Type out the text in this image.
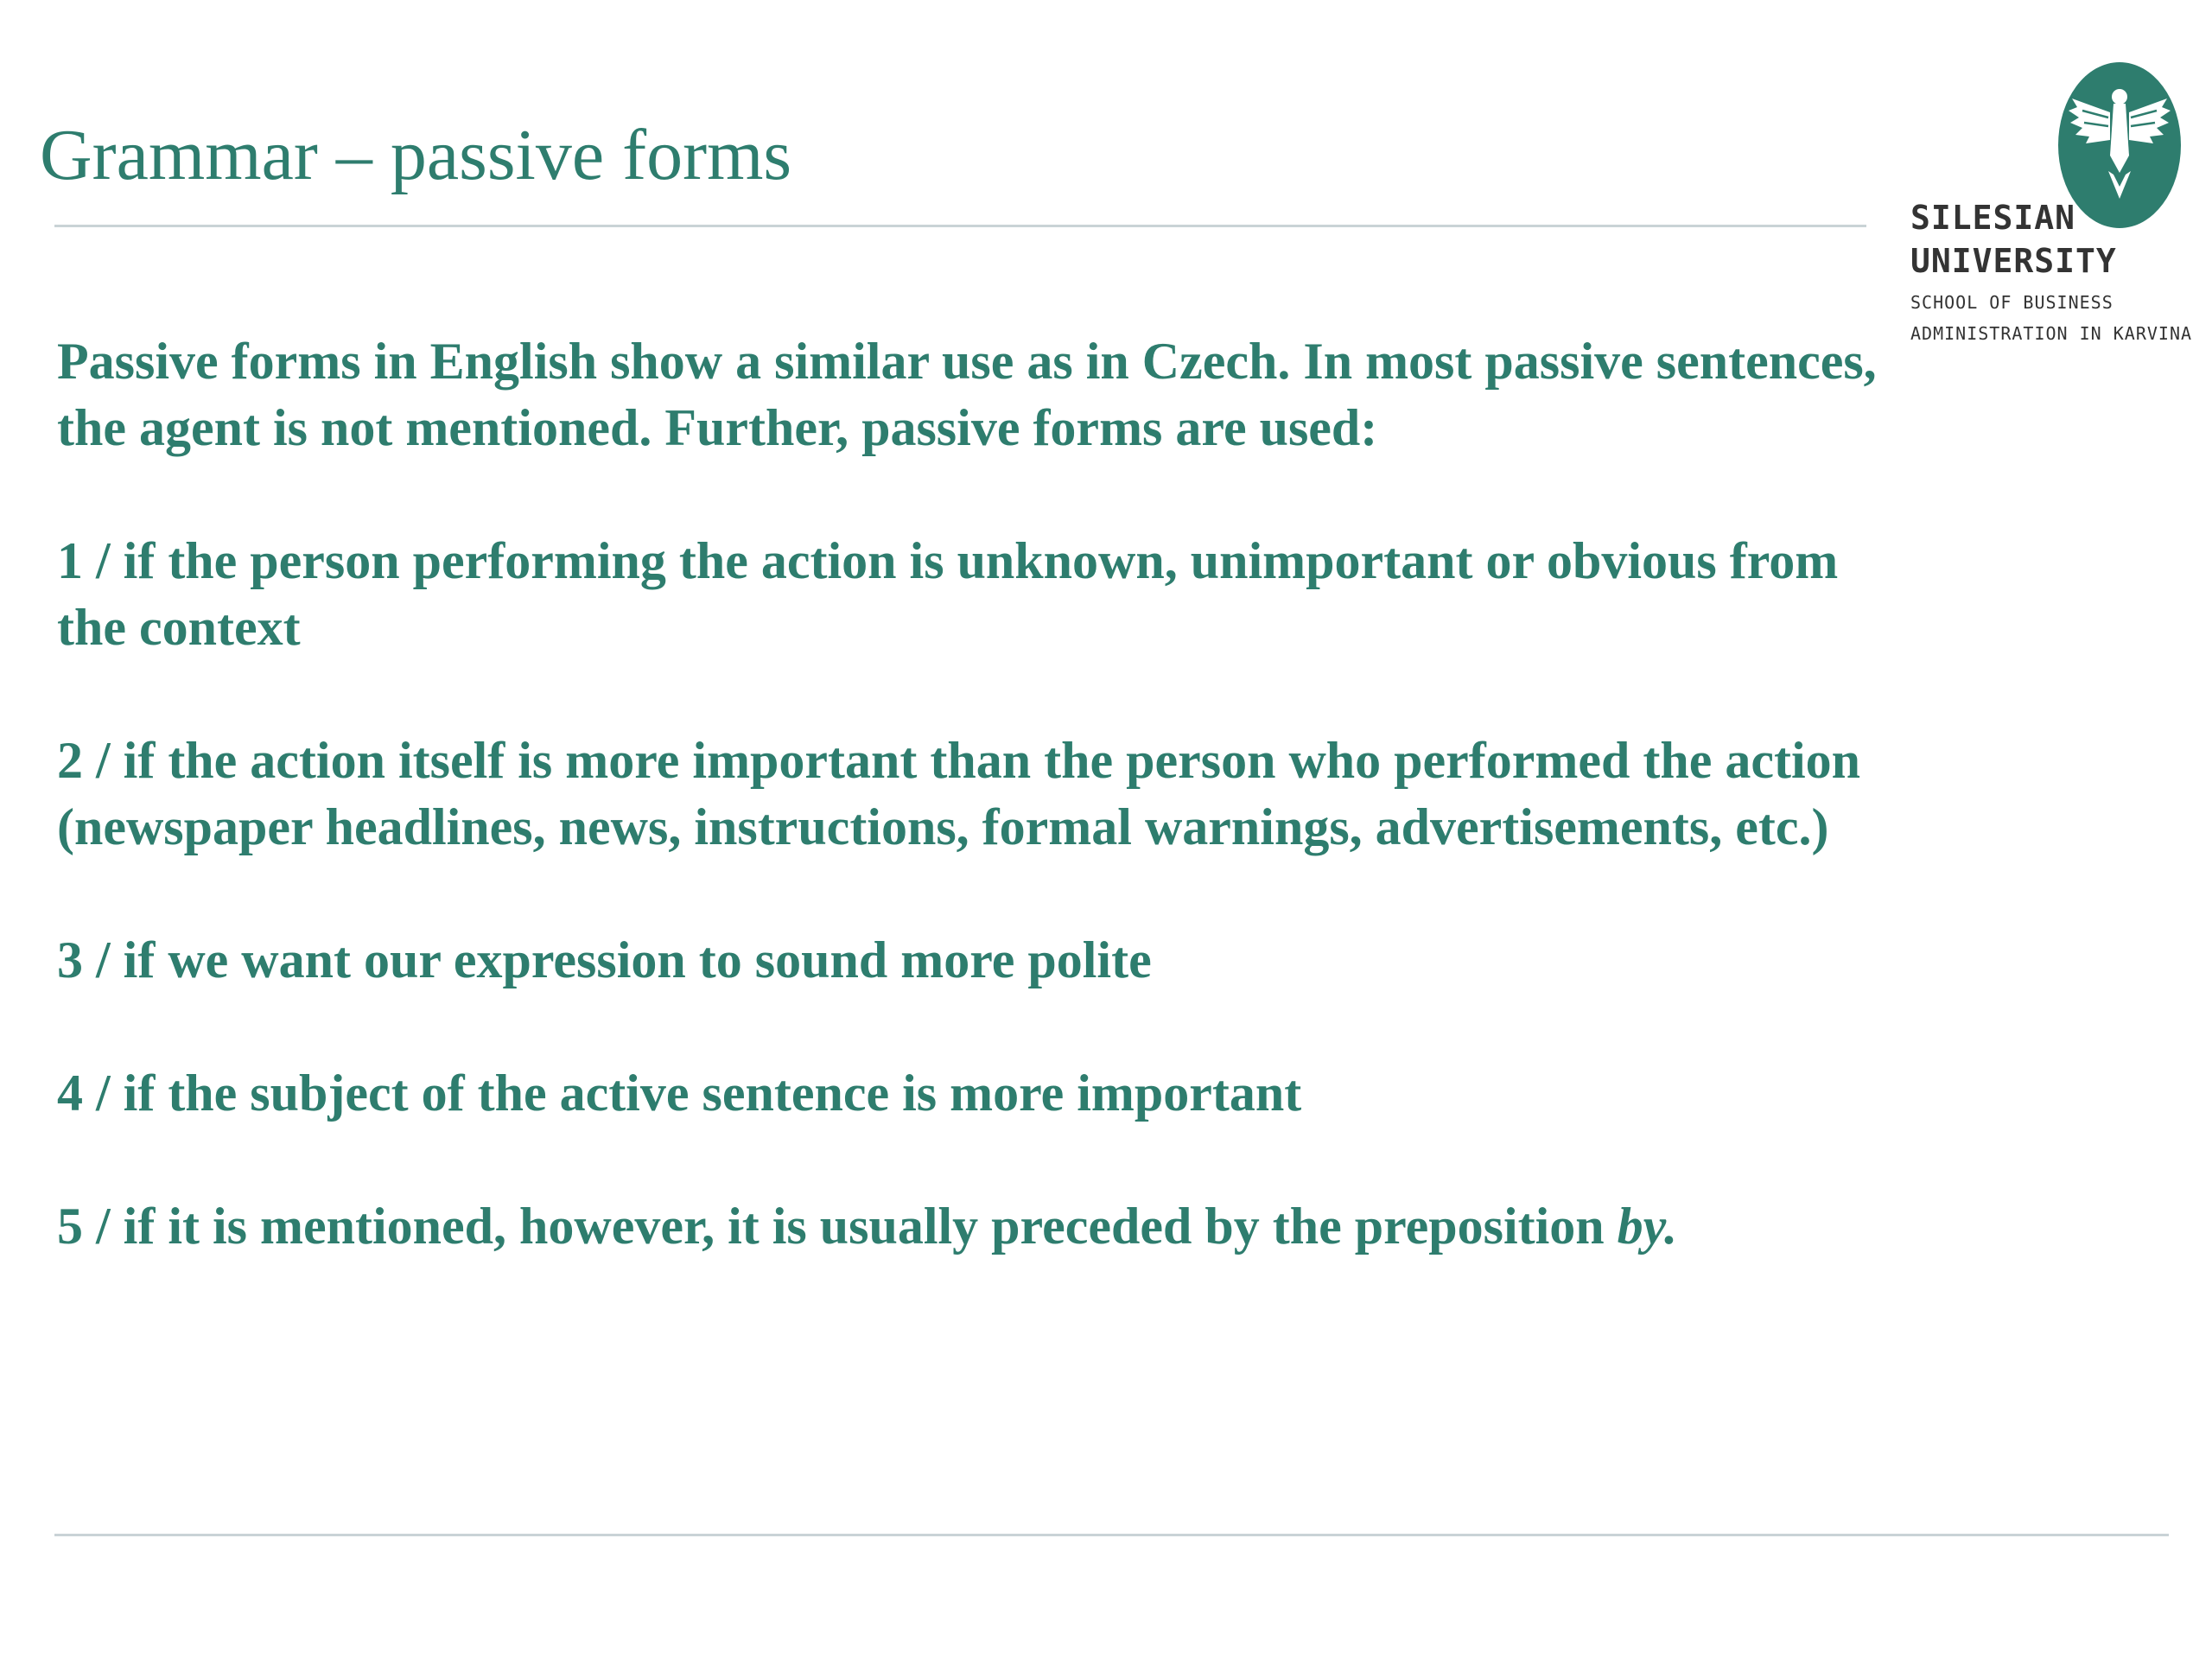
Grammar – passive forms
SILESIAN
UNIVERSITY
SCHOOL OF BUSINESS
ADMINISTRATION IN KARVINA

Passive forms in English show a similar use as in Czech. In most passive sentences, the agent is not mentioned. Further, passive forms are used:

1 / if the person performing the action is unknown, unimportant or obvious from the context

2 / if the action itself is more important than the person who performed the action (newspaper headlines, news, instructions, formal warnings, advertisements, etc.)

3 / if we want our expression to sound more polite

4 / if the subject of the active sentence is more important

5 / if it is mentioned, however, it is usually preceded by the preposition by.
